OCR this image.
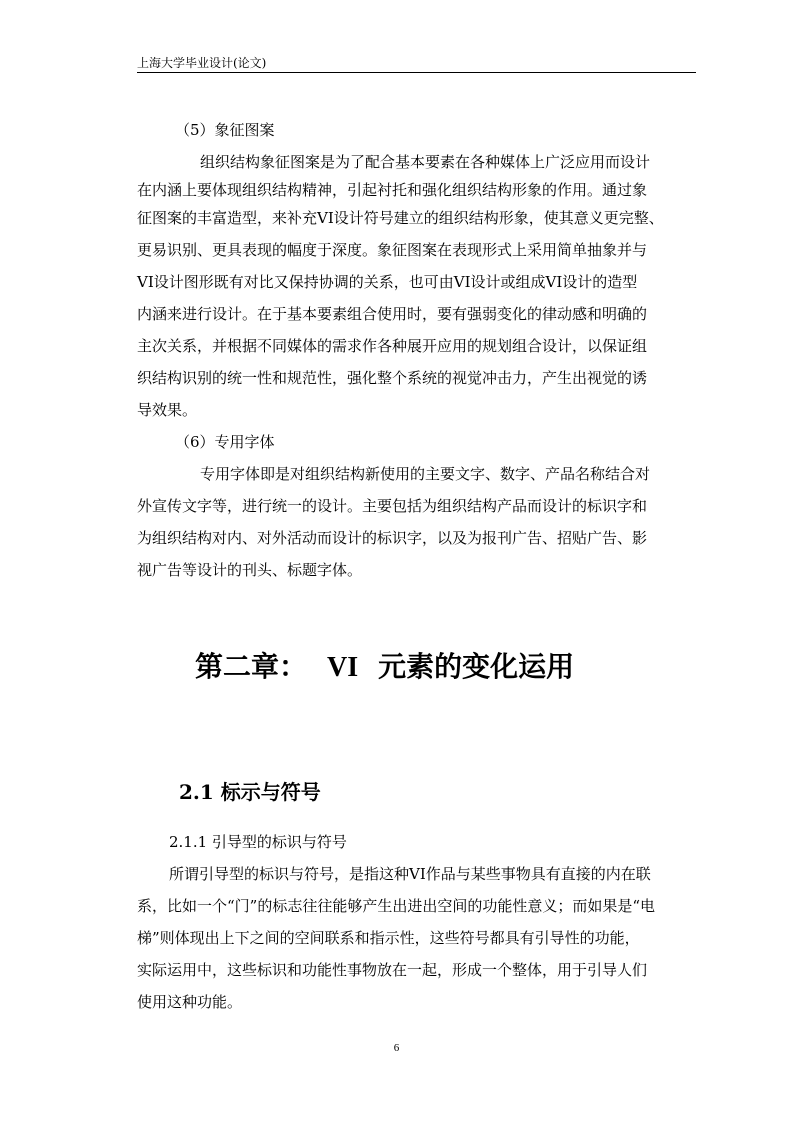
上海大学毕业设计(论文)
（5）象征图案
组织结构象征图案是为了配合基本要素在各种媒体上广泛应用而设计
在内涵上要体现组织结构精神，引起衬托和强化组织结构形象的作用。通过象
征图案的丰富造型，来补充VI设计符号建立的组织结构形象，使其意义更完整、
更易识别、更具表现的幅度于深度。象征图案在表现形式上采用简单抽象并与
VI设计图形既有对比又保持协调的关系，也可由VI设计或组成VI设计的造型
内涵来进行设计。在于基本要素组合使用时，要有强弱变化的律动感和明确的
主次关系，并根据不同媒体的需求作各种展开应用的规划组合设计，以保证组
织结构识别的统一性和规范性，强化整个系统的视觉冲击力，产生出视觉的诱
导效果。
（6）专用字体
专用字体即是对组织结构新使用的主要文字、数字、产品名称结合对
外宣传文字等，进行统一的设计。主要包括为组织结构产品而设计的标识字和
为组织结构对内、对外活动而设计的标识字，以及为报刊广告、招贴广告、影
视广告等设计的刊头、标题字体。
第二章： VI 元素的变化运用
2.1 标示与符号
2.1.1 引导型的标识与符号
所谓引导型的标识与符号，是指这种VI作品与某些事物具有直接的内在联
系，比如一个“门”的标志往往能够产生出进出空间的功能性意义；而如果是“电
梯”则体现出上下之间的空间联系和指示性，这些符号都具有引导性的功能，
实际运用中，这些标识和功能性事物放在一起，形成一个整体，用于引导人们
使用这种功能。
6
